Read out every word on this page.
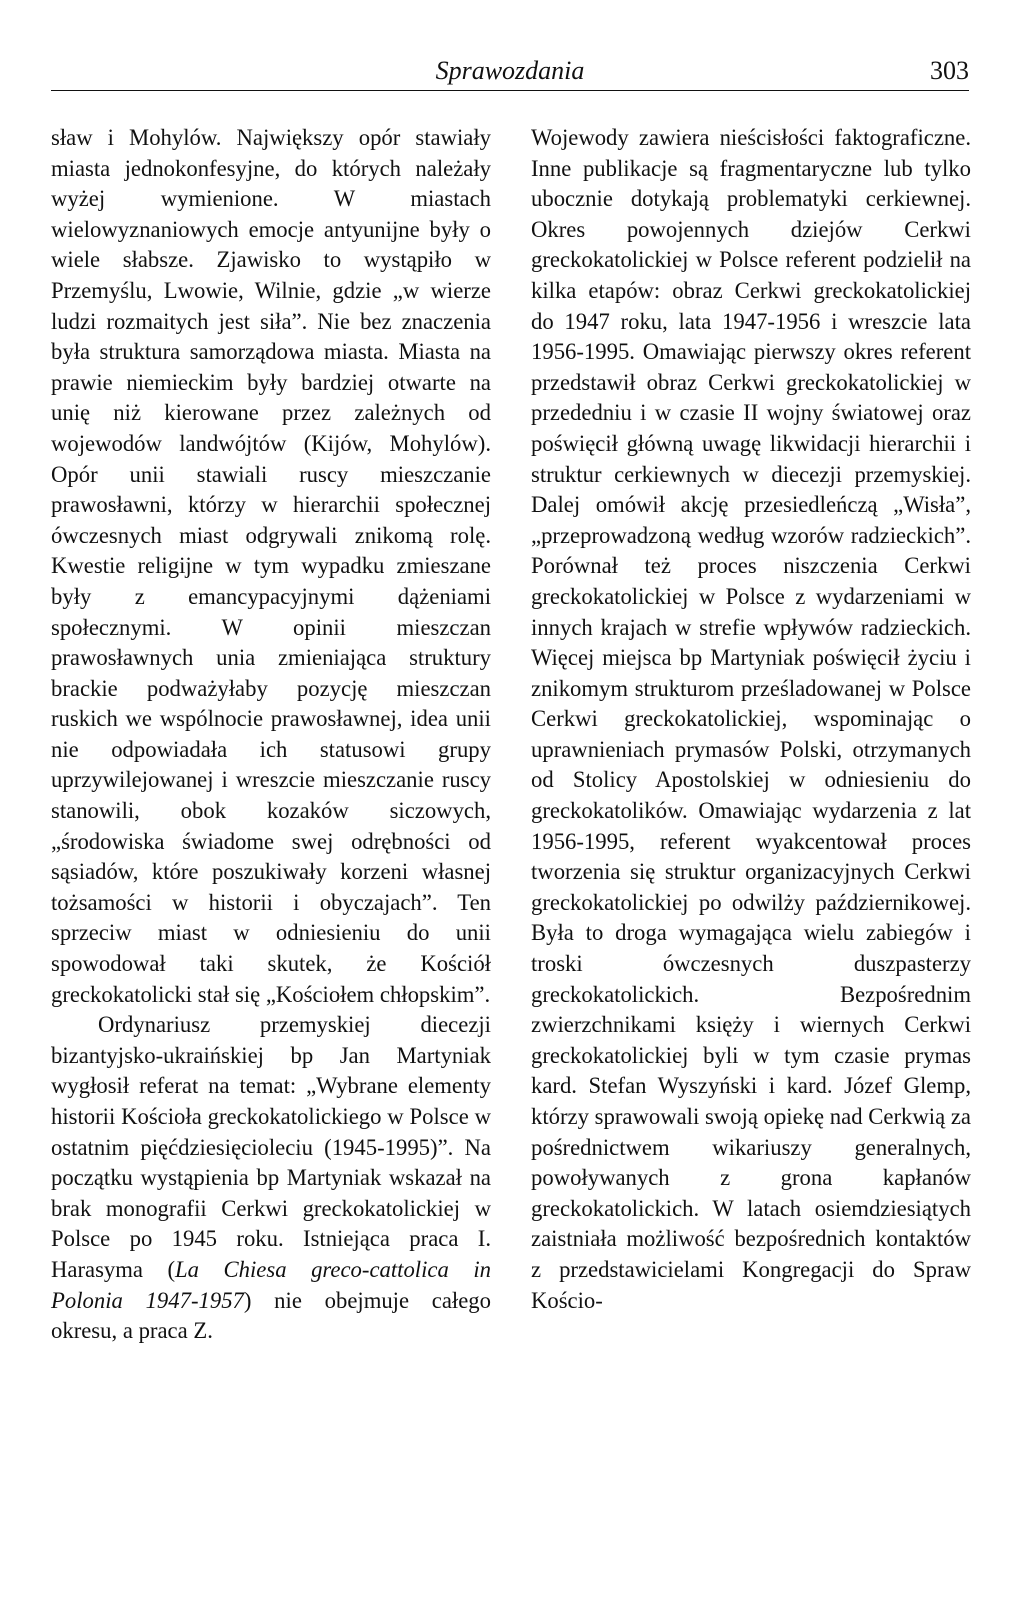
Sprawozdania	303

sław i Mohylów. Największy opór stawiały miasta jednokonfesyjne, do których należały wyżej wymienione. W miastach wielowyznaniowych emocje antyunijne były o wiele słabsze. Zjawisko to wystąpiło w Przemyślu, Lwowie, Wilnie, gdzie „w wierze ludzi rozmaitych jest siła”. Nie bez znaczenia była struktura samorządowa miasta. Miasta na prawie niemieckim były bardziej otwarte na unię niż kierowane przez zależnych od wojewodów landwójtów (Kijów, Mohylów). Opór unii stawiali ruscy mieszczanie prawosławni, którzy w hierarchii społecznej ówczesnych miast odgrywali znikomą rolę. Kwestie religijne w tym wypadku zmieszane były z emancypacyjnymi dążeniami społecznymi. W opinii mieszczan prawosławnych unia zmieniająca struktury brackie podważyłaby pozycję mieszczan ruskich we wspólnocie prawosławnej, idea unii nie odpowiadała ich statusowi grupy uprzywilejowanej i wreszcie mieszczanie ruscy stanowili, obok kozaków siczowych, „środowiska świadome swej odrębności od sąsiadów, które poszukiwały korzeni własnej tożsamości w historii i obyczajach”. Ten sprzeciw miast w odniesieniu do unii spowodował taki skutek, że Kościół greckokatolicki stał się „Kościołem chłopskim”.

Ordynariusz przemyskiej diecezji bizantyjsko-ukraińskiej bp Jan Martyniak wygłosił referat na temat: „Wybrane elementy historii Kościoła greckokatolickiego w Polsce w ostatnim pięćdziesięcioleciu (1945-1995)”. Na początku wystąpienia bp Martyniak wskazał na brak monografii Cerkwi greckokatolickiej w Polsce po 1945 roku. Istniejąca praca I. Harasyma (La Chiesa greco-cattolica in Polonia 1947-1957) nie obejmuje całego okresu, a praca Z.

Wojewody zawiera nieścisłości faktograficzne. Inne publikacje są fragmentaryczne lub tylko ubocznie dotykają problematyki cerkiewnej. Okres powojennych dziejów Cerkwi greckokatolickiej w Polsce referent podzielił na kilka etapów: obraz Cerkwi greckokatolickiej do 1947 roku, lata 1947-1956 i wreszcie lata 1956-1995. Omawiając pierwszy okres referent przedstawił obraz Cerkwi greckokatolickiej w przededniu i w czasie II wojny światowej oraz poświęcił główną uwagę likwidacji hierarchii i struktur cerkiewnych w diecezji przemyskiej. Dalej omówił akcję przesiedleńczą „Wisła”, „przeprowadzoną według wzorów radzieckich”. Porównał też proces niszczenia Cerkwi greckokatolickiej w Polsce z wydarzeniami w innych krajach w strefie wpływów radzieckich. Więcej miejsca bp Martyniak poświęcił życiu i znikomym strukturom prześladowanej w Polsce Cerkwi greckokatolickiej, wspominając o uprawnieniach prymasów Polski, otrzymanych od Stolicy Apostolskiej w odniesieniu do greckokatolików. Omawiając wydarzenia z lat 1956-1995, referent wyakcentował proces tworzenia się struktur organizacyjnych Cerkwi greckokatolickiej po odwilży październikowej. Była to droga wymagająca wielu zabiegów i troski ówczesnych duszpasterzy greckokatolickich. Bezpośrednim zwierzchnikami księży i wiernych Cerkwi greckokatolickiej byli w tym czasie prymas kard. Stefan Wyszyński i kard. Józef Glemp, którzy sprawowali swoją opiekę nad Cerkwią za pośrednictwem wikariuszy generalnych, powoływanych z grona kapłanów greckokatolickich. W latach osiemdziesiątych zaistniała możliwość bezpośrednich kontaktów z przedstawicielami Kongregacji do Spraw Kościo-
